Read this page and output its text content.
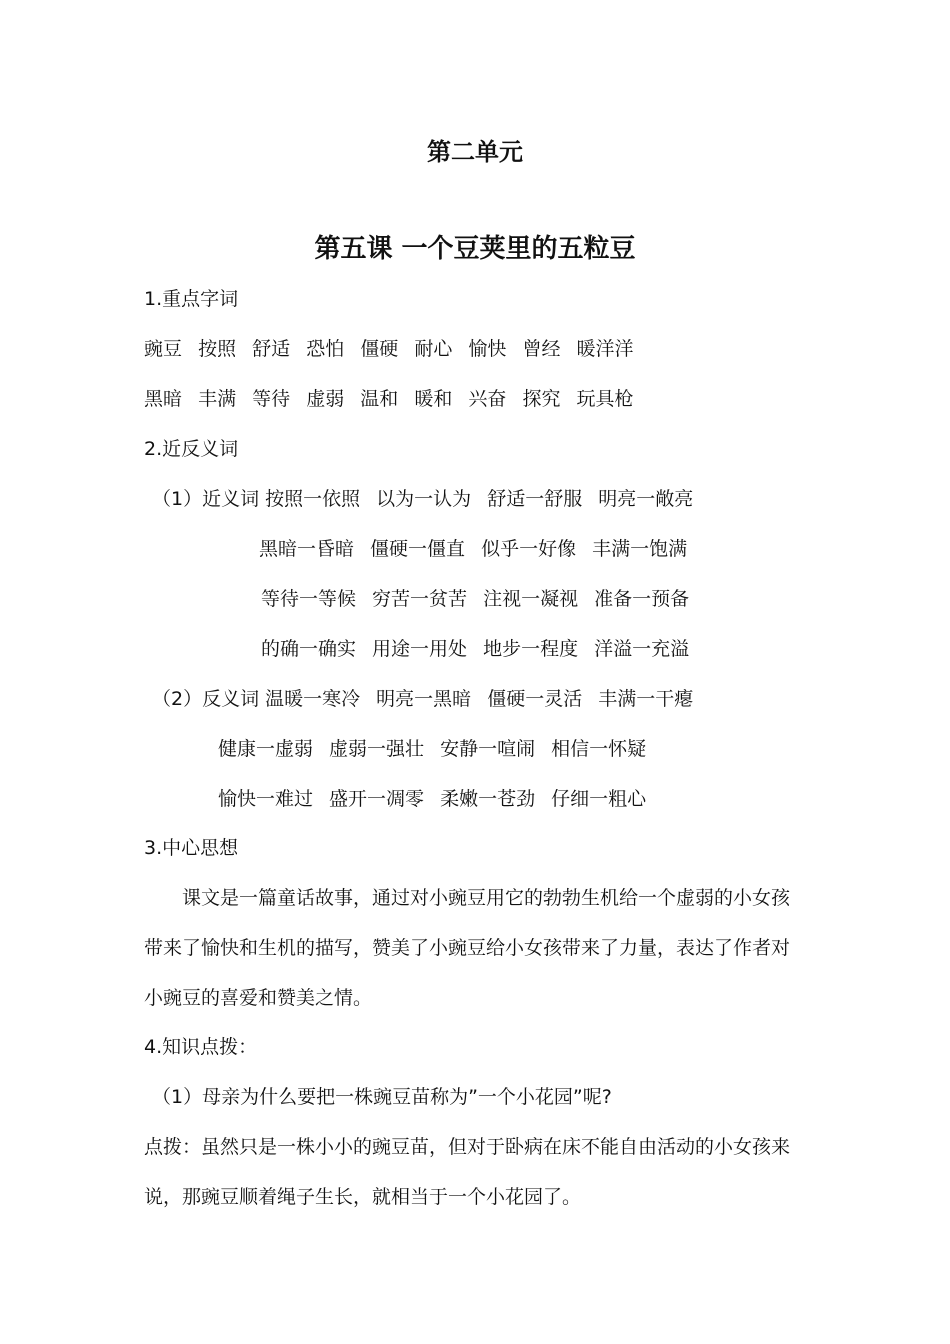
第二单元
第五课 一个豆荚里的五粒豆
1.重点字词
豌豆 按照 舒适 恐怕 僵硬 耐心 愉快 曾经 暖洋洋
黑暗 丰满 等待 虚弱 温和 暖和 兴奋 探究 玩具枪
2.近反义词
（1）近义词 按照一依照 以为一认为 舒适一舒服 明亮一敞亮
黑暗一昏暗 僵硬一僵直 似乎一好像 丰满一饱满
等待一等候 穷苦一贫苦 注视一凝视 准备一预备
的确一确实 用途一用处 地步一程度 洋溢一充溢
（2）反义词 温暖一寒冷 明亮一黑暗 僵硬一灵活 丰满一干瘪
健康一虚弱 虚弱一强壮 安静一喧闹 相信一怀疑
愉快一难过 盛开一凋零 柔嫩一苍劲 仔细一粗心
3.中心思想
课文是一篇童话故事，通过对小豌豆用它的勃勃生机给一个虚弱的小女孩
带来了愉快和生机的描写，赞美了小豌豆给小女孩带来了力量，表达了作者对
小豌豆的喜爱和赞美之情。
4.知识点拨：
（1）母亲为什么要把一株豌豆苗称为”一个小花园”呢?
点拨：虽然只是一株小小的豌豆苗，但对于卧病在床不能自由活动的小女孩来
说，那豌豆顺着绳子生长，就相当于一个小花园了。
